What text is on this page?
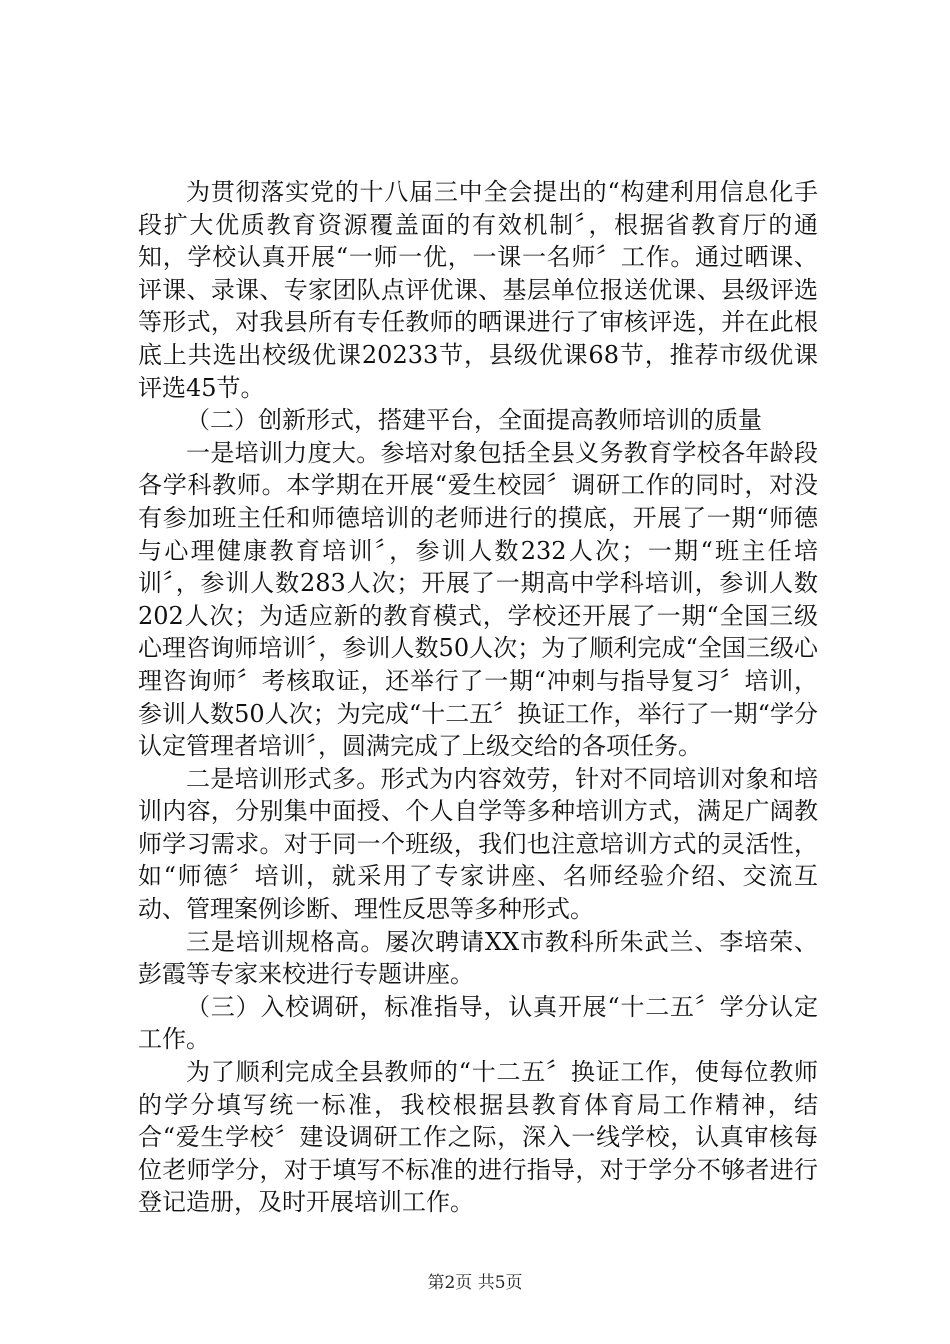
为贯彻落实党的十八届三中全会提出的“构建利用信息化手段扩大优质教育资源覆盖面的有效机制〞，根据省教育厅的通知，学校认真开展“一师一优，一课一名师〞工作。通过晒课、评课、录课、专家团队点评优课、基层单位报送优课、县级评选等形式，对我县所有专任教师的晒课进行了审核评选，并在此根底上共选出校级优课20233节，县级优课68节，推荐市级优课评选45节。

（二）创新形式，搭建平台，全面提高教师培训的质量

一是培训力度大。参培对象包括全县义务教育学校各年龄段各学科教师。本学期在开展“爱生校园〞调研工作的同时，对没有参加班主任和师德培训的老师进行的摸底，开展了一期“师德与心理健康教育培训〞，参训人数232人次；一期“班主任培训〞，参训人数283人次；开展了一期高中学科培训，参训人数202人次；为适应新的教育模式，学校还开展了一期“全国三级心理咨询师培训〞，参训人数50人次；为了顺利完成“全国三级心理咨询师〞考核取证，还举行了一期“冲刺与指导复习〞培训，参训人数50人次；为完成“十二五〞换证工作，举行了一期“学分认定管理者培训〞，圆满完成了上级交给的各项任务。

二是培训形式多。形式为内容效劳，针对不同培训对象和培训内容，分别集中面授、个人自学等多种培训方式，满足广阔教师学习需求。对于同一个班级，我们也注意培训方式的灵活性，如“师德〞培训，就采用了专家讲座、名师经验介绍、交流互动、管理案例诊断、理性反思等多种形式。

三是培训规格高。屡次聘请XX市教科所朱武兰、李培荣、彭霞等专家来校进行专题讲座。

（三）入校调研，标准指导，认真开展“十二五〞学分认定工作。

为了顺利完成全县教师的“十二五〞换证工作，使每位教师的学分填写统一标准，我校根据县教育体育局工作精神，结合“爱生学校〞建设调研工作之际，深入一线学校，认真审核每位老师学分，对于填写不标准的进行指导，对于学分不够者进行登记造册，及时开展培训工作。

第2页 共5页
